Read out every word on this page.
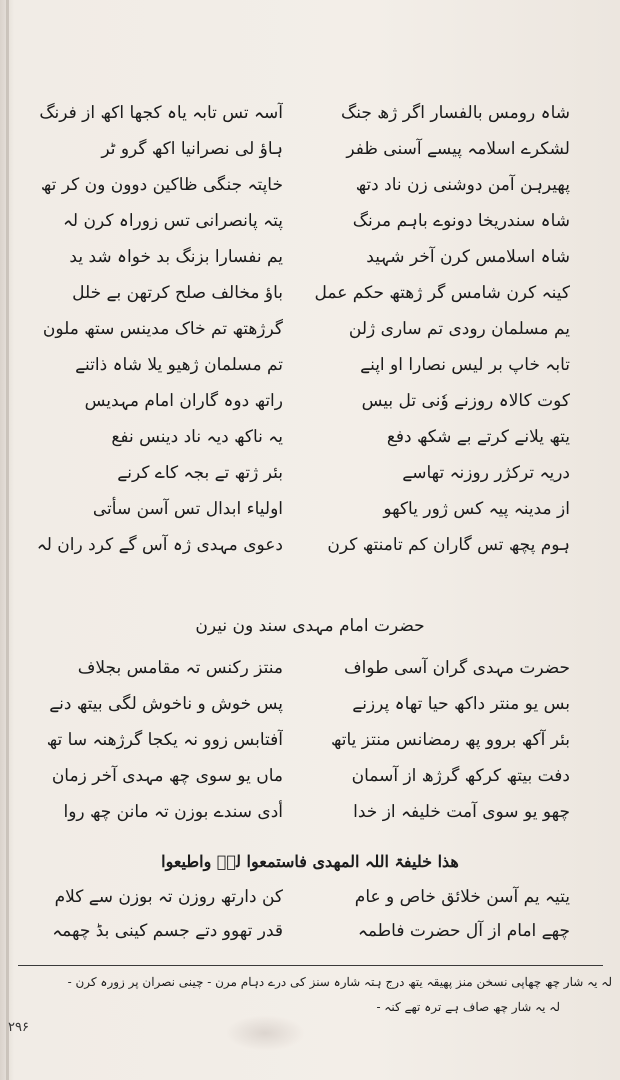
شاہ رومس بالفسار اگر ژھ جنگ
لشکرے اسلامہ پیسے آسنی ظفر
پھیرہن آمن دوشنی زن ناد دتھ
شاہ سندریخا دونوے باہم مرنگ
شاہ اسلامس کرن آخر شہید
کینہ کرن شامس گر ژھتھ حکم عمل
یم مسلمان رودی تم ساری ژلن
تابہ خاپ بر لیس نصارا او اپنے
کوت کالاہ روزنے وٗنی تل بیس
یتھ یلانے کرتے بے شکھ دفع
دریہ ترکژر روزنہ تھاسے
از مدینہ پیہ کس ژور یاکھو
ہوم پچھ تس گاران کم تامنتھ کرن
آسہ تس تابہ یاہ کجھا اکھ از فرنگ
ہاؤ لی نصرانیا اکھ گرو ٹر
خاپتہ جنگی ظاکین دوون ون کر تھ
پتہ پانصرانی تس زوراہ کرن لہ
یم نفسارا بزنگ بد خواہ شد ید
باؤ مخالف صلح کرتھن بے خلل
گرژھتھ تم خاک مدینس ستھ ملون
تم مسلمان ژھیو یلا شاہ ذاتنے
راتھ دوہ گاران امام مہدیس
یہ ناکھ دیہ ناد دینس نفع
بئر ژتھ تے بجہ کاے کرنے
اولیاء ابدال تس آسن سأتی
دعوی مہدی ژہ آس گے کرد ران لہ
حضرت امام مہدی سند ون نیرن
حضرت مہدی گران آسی طواف
بس یو منتر داکھ حیا تھاہ پرزنے
بئر آکھ بروو پھ رمضانس منتز یاتھ
دفت بیتھ کرکھ گرژھ از آسمان
چھو یو سوی آمت خلیفہ از خدا
منتز رکنس تہ مقامس بجلاف
پس خوش و ناخوش لگی بیتھ دنے
آفتابس زوو نہ یکجا گرژھنہ سا تھ
ماں یو سوی چھ مہدی آخر زمان
أدی سندے بوزن تہ مانن چھ روا
ھذا خلیفۃ اللہ المھدی فاستمعوا لہٗ واطیعوا
یتیہ یم آسن خلائق خاص و عام
چھے امام از آل حضرت فاطمہ
کن دارتھ روزن تہ بوزن سے کلام
قدر تھوو دتے جسم کینی بڈ چھمہ
لہ یہ شار چھ چھاپی نسخن منز پھیقہ یتھ درج ہتہ شارہ سنز کی درے دہام مرن - چینی نصران پر زورہ کرن -
لہ یہ شار چھ صاف ہے ترہ تھے کنہ -
۲۹۶
